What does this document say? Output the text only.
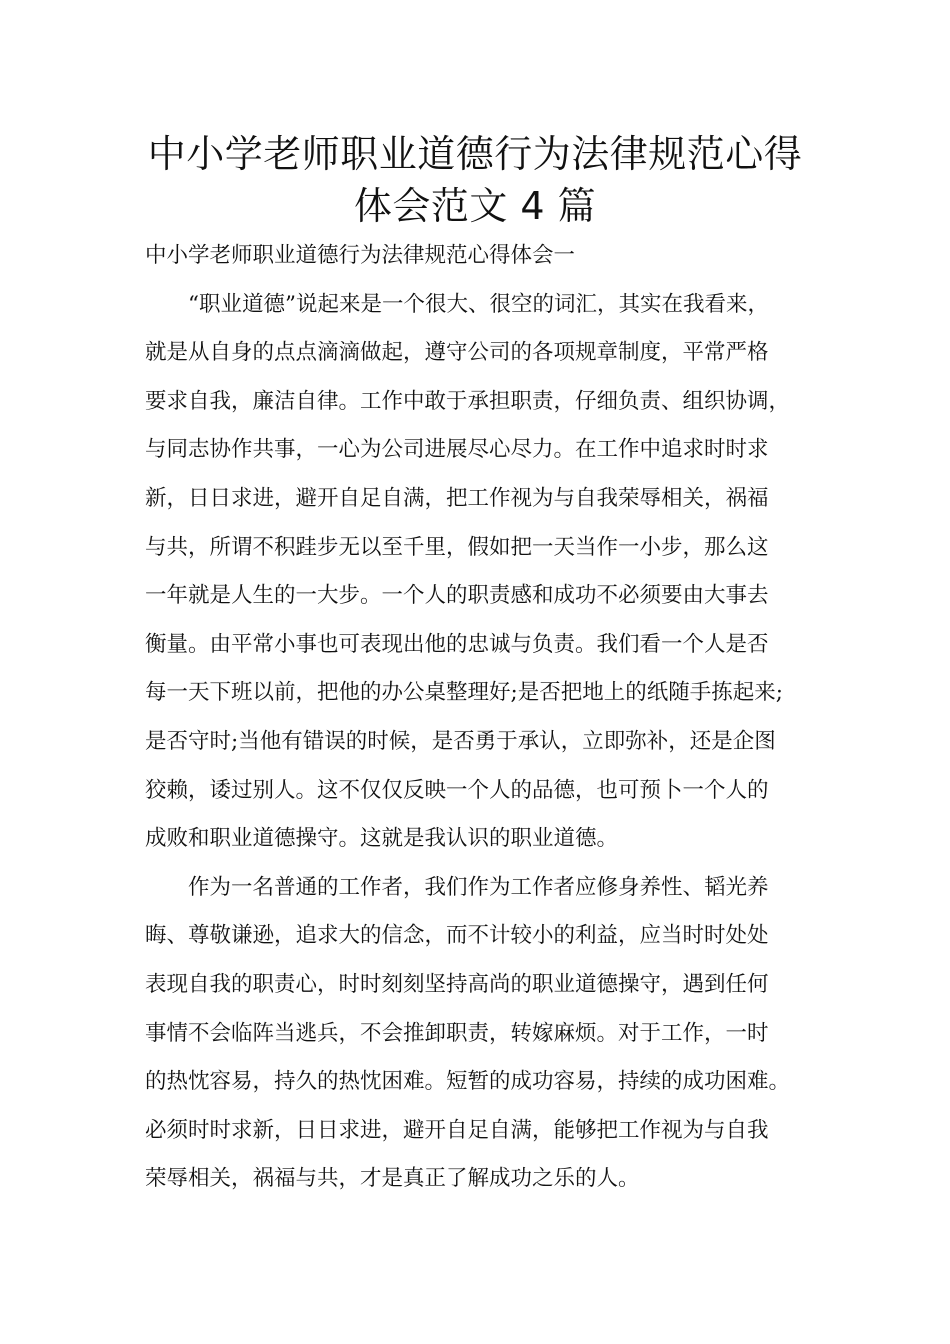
中小学老师职业道德行为法律规范心得
体会范文 4 篇
中小学老师职业道德行为法律规范心得体会一
“职业道德”说起来是一个很大、很空的词汇，其实在我看来，
就是从自身的点点滴滴做起，遵守公司的各项规章制度，平常严格
要求自我，廉洁自律。工作中敢于承担职责，仔细负责、组织协调，
与同志协作共事，一心为公司进展尽心尽力。在工作中追求时时求
新，日日求进，避开自足自满，把工作视为与自我荣辱相关，祸福
与共，所谓不积跬步无以至千里，假如把一天当作一小步，那么这
一年就是人生的一大步。一个人的职责感和成功不必须要由大事去
衡量。由平常小事也可表现出他的忠诚与负责。我们看一个人是否
每一天下班以前，把他的办公桌整理好;是否把地上的纸随手拣起来;
是否守时;当他有错误的时候，是否勇于承认，立即弥补，还是企图
狡赖，诿过别人。这不仅仅反映一个人的品德，也可预卜一个人的
成败和职业道德操守。这就是我认识的职业道德。
作为一名普通的工作者，我们作为工作者应修身养性、韬光养
晦、尊敬谦逊，追求大的信念，而不计较小的利益，应当时时处处
表现自我的职责心，时时刻刻坚持高尚的职业道德操守，遇到任何
事情不会临阵当逃兵，不会推卸职责，转嫁麻烦。对于工作，一时
的热忱容易，持久的热忱困难。短暂的成功容易，持续的成功困难。
必须时时求新，日日求进，避开自足自满，能够把工作视为与自我
荣辱相关，祸福与共，才是真正了解成功之乐的人。
